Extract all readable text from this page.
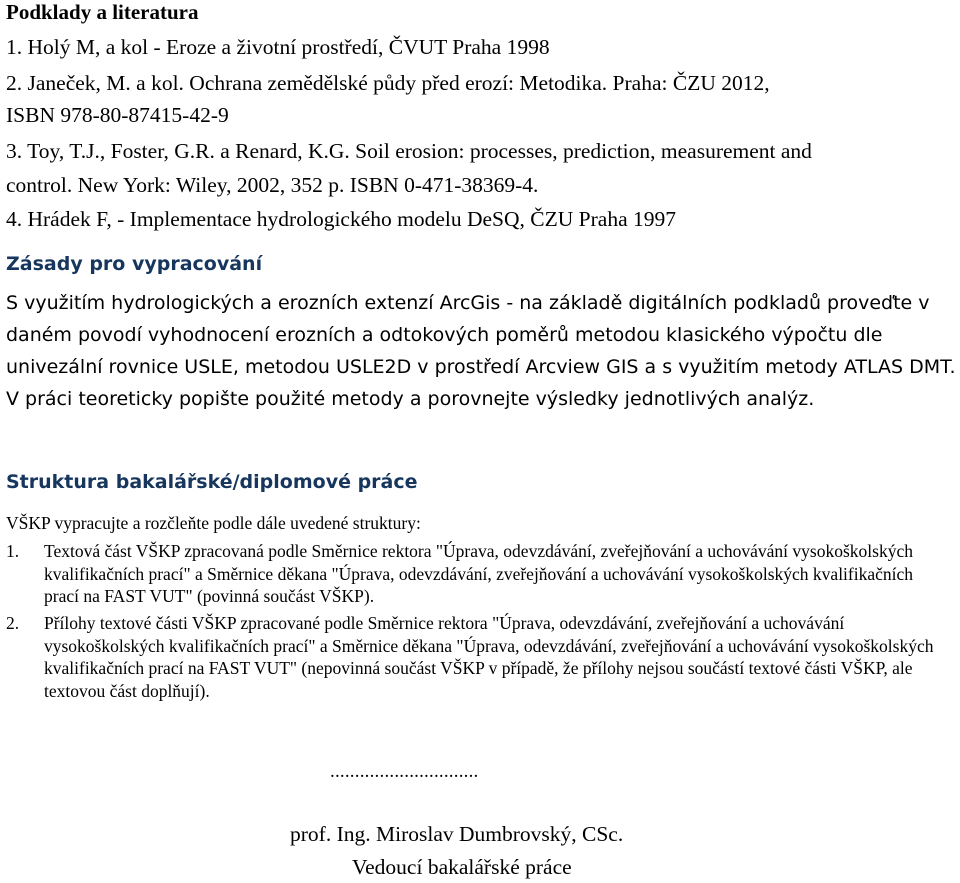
Podklady a literatura
1. Holý M, a kol - Eroze a životní prostředí, ČVUT Praha 1998
2. Janeček, M. a kol. Ochrana zemědělské půdy před erozí: Metodika. Praha: ČZU 2012,
ISBN 978-80-87415-42-9
3. Toy, T.J., Foster, G.R. a Renard, K.G. Soil erosion: processes, prediction, measurement and
control. New York: Wiley, 2002, 352 p. ISBN 0-471-38369-4.
4. Hrádek F, - Implementace hydrologického modelu DeSQ, ČZU Praha 1997
Zásady pro vypracování
S využitím hydrologických a erozních extenzí ArcGis - na základě digitálních podkladů proveďte v daném povodí vyhodnocení erozních a odtokových poměrů metodou klasického výpočtu dle univezální rovnice USLE, metodou USLE2D v prostředí Arcview GIS a s využitím metody ATLAS DMT. V práci teoreticky popište použité metody a porovnejte výsledky jednotlivých analýz.
Struktura bakalářské/diplomové práce
VŠKP vypracujte a rozčleňte podle dále uvedené struktury:
1.	Textová část VŠKP zpracovaná podle Směrnice rektora "Úprava, odevzdávání, zveřejňování a uchovávání vysokoškolských kvalifikačních prací" a Směrnice děkana "Úprava, odevzdávání, zveřejňování a uchovávání vysokoškolských kvalifikačních prací na FAST VUT" (povinná součást VŠKP).
2.	Přílohy textové části VŠKP zpracované podle Směrnice rektora "Úprava, odevzdávání, zveřejňování a uchovávání vysokoškolských kvalifikačních prací" a Směrnice děkana "Úprava, odevzdávání, zveřejňování a uchovávání vysokoškolských kvalifikačních prací na FAST VUT" (nepovinná součást VŠKP v případě, že přílohy nejsou součástí textové části VŠKP, ale textovou část doplňují).
..............................
prof. Ing. Miroslav Dumbrovský, CSc.
Vedoucí bakalářské práce
